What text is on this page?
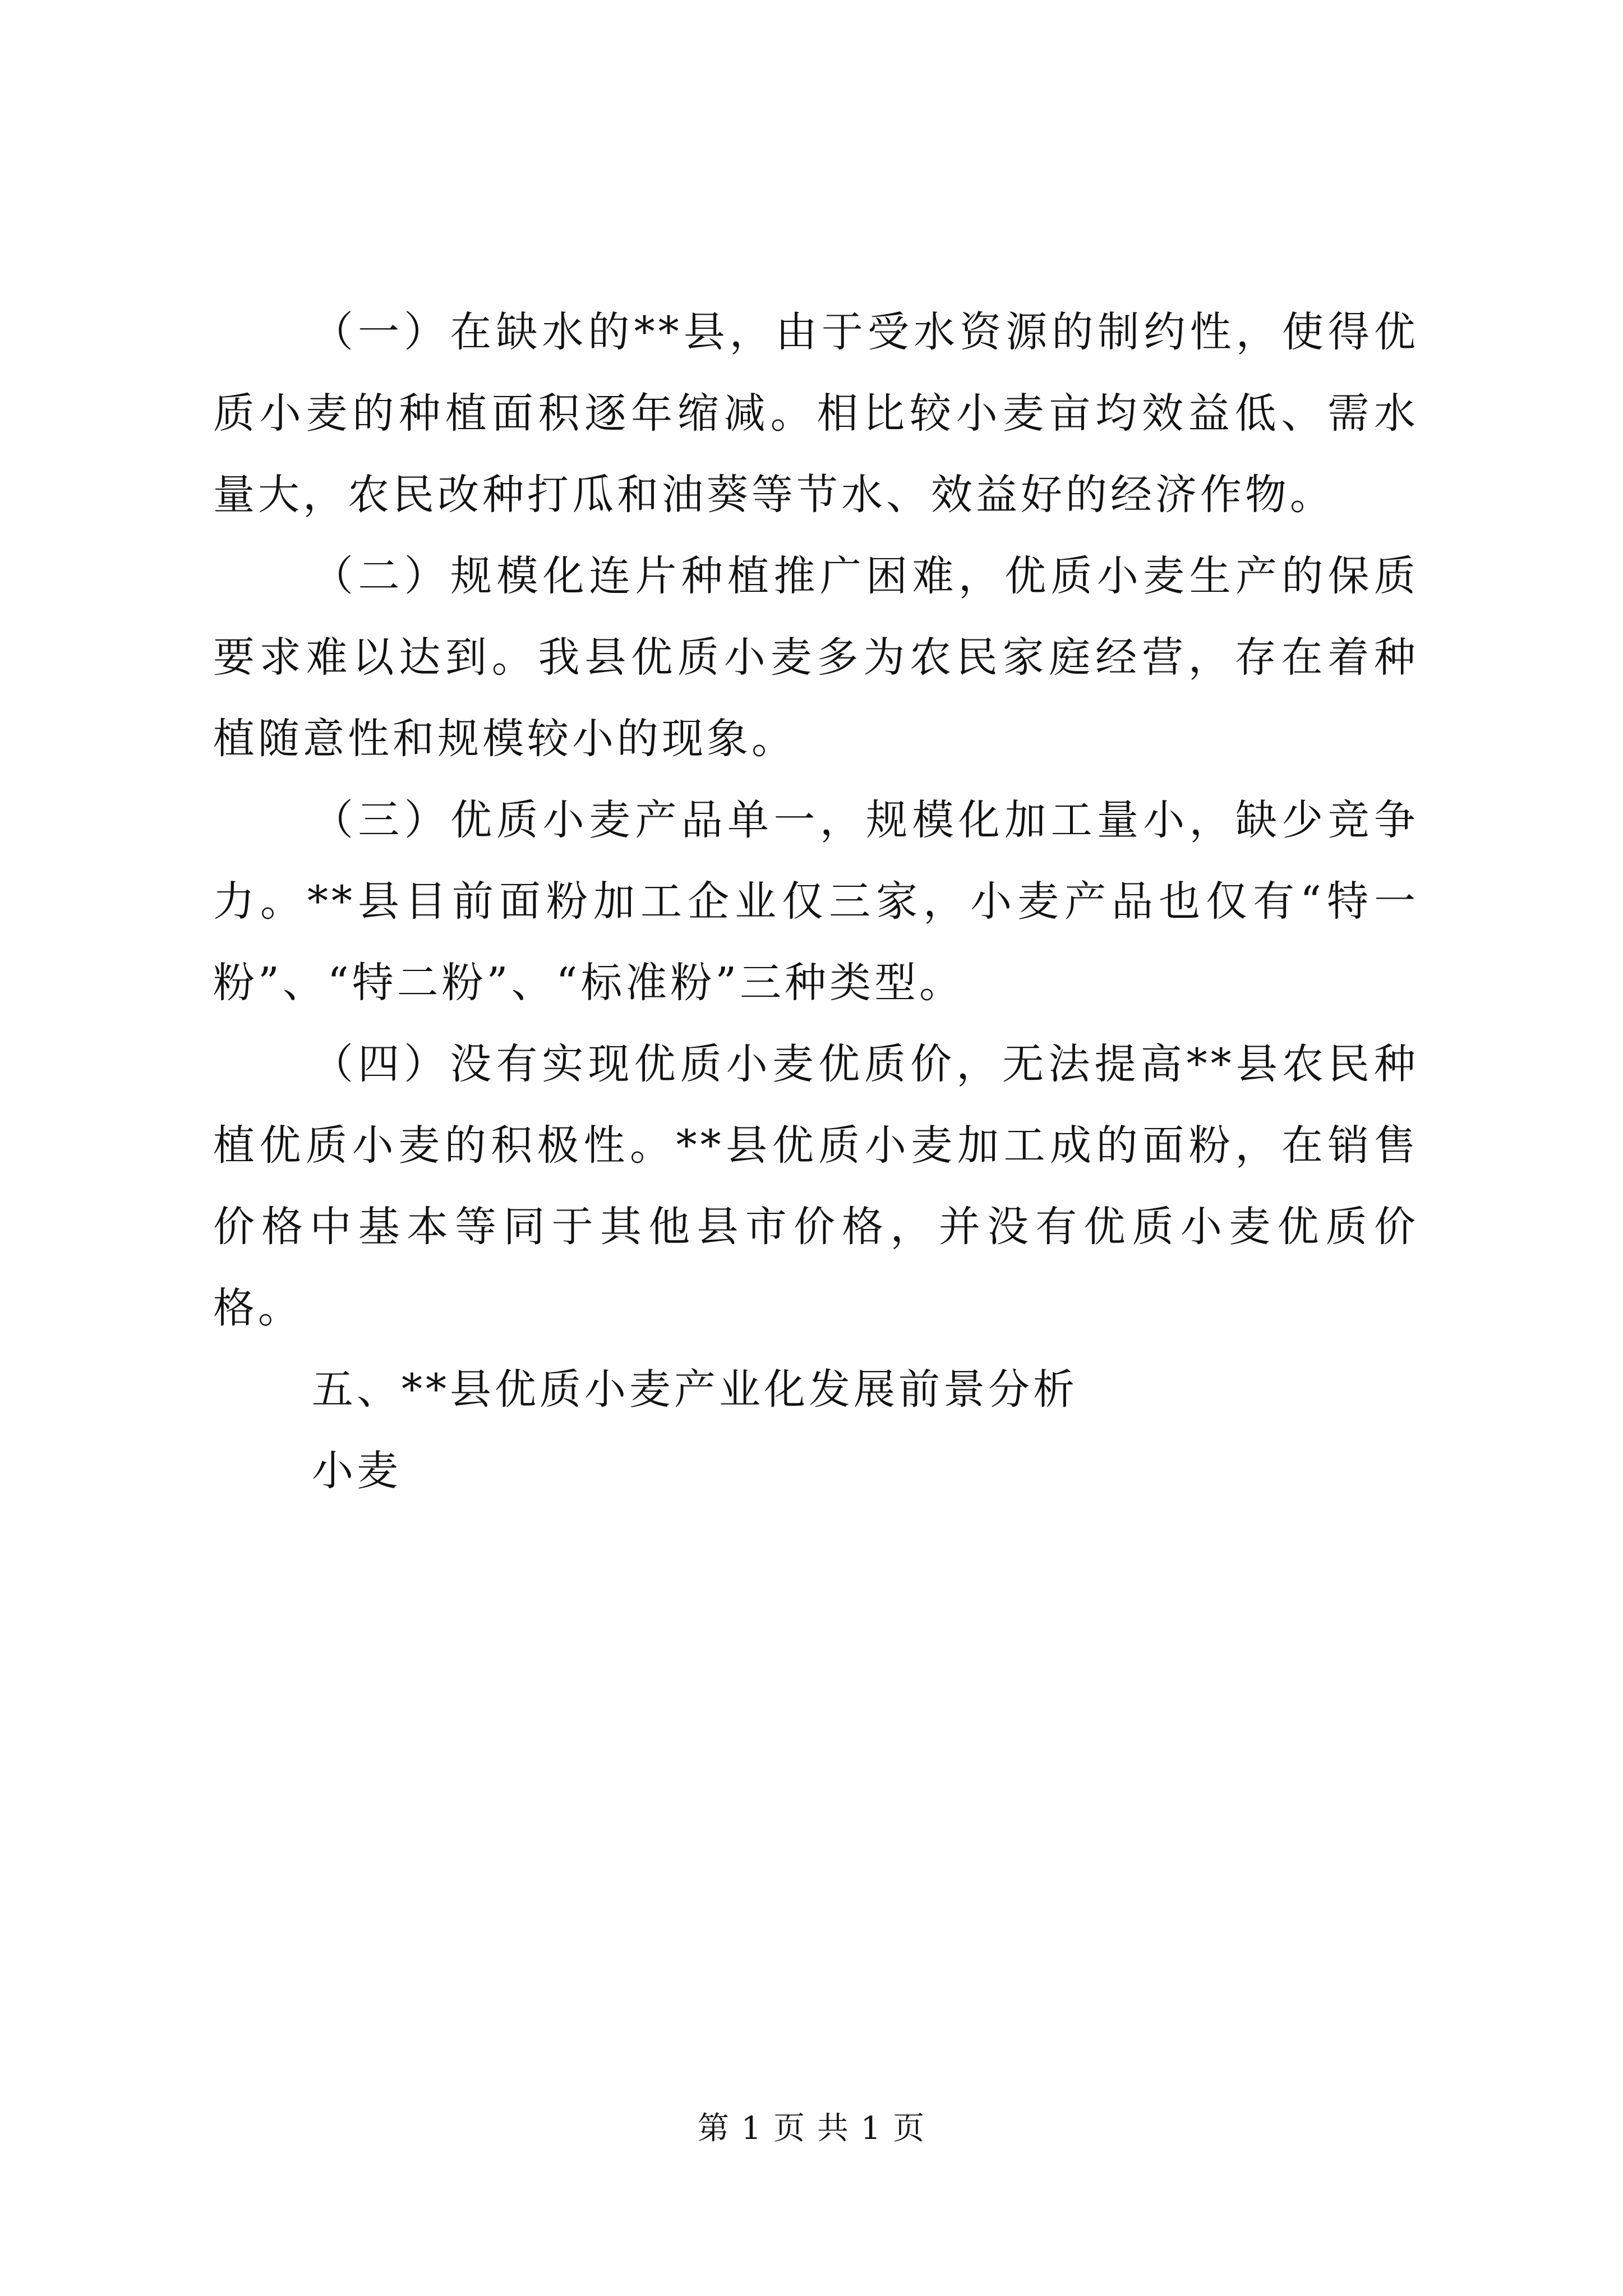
（一）在缺水的**县，由于受水资源的制约性，使得优质小麦的种植面积逐年缩减。相比较小麦亩均效益低、需水量大，农民改种打瓜和油葵等节水、效益好的经济作物。

（二）规模化连片种植推广困难，优质小麦生产的保质要求难以达到。我县优质小麦多为农民家庭经营，存在着种植随意性和规模较小的现象。

（三）优质小麦产品单一，规模化加工量小，缺少竞争力。**县目前面粉加工企业仅三家，小麦产品也仅有“特一粉”、“特二粉”、“标准粉”三种类型。

（四）没有实现优质小麦优质价，无法提高**县农民种植优质小麦的积极性。**县优质小麦加工成的面粉，在销售价格中基本等同于其他县市价格，并没有优质小麦优质价格。

五、**县优质小麦产业化发展前景分析

小麦

第 1 页 共 1 页
